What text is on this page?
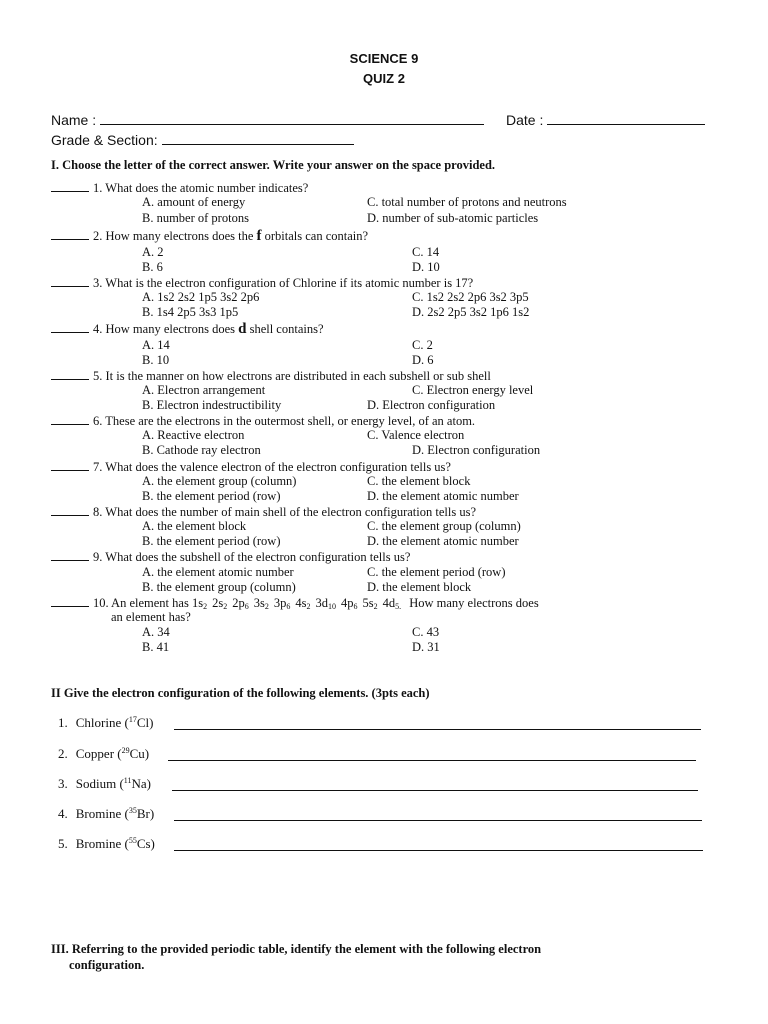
SCIENCE 9
QUIZ 2
Name :	Date :
Grade & Section:
I. Choose the letter of the correct answer. Write your answer on the space provided.
1. What does the atomic number indicates?
A. amount of energy
B. number of protons
C. total number of protons and neutrons
D. number of sub-atomic particles
2. How many electrons does the f orbitals can contain?
A. 2
B. 6
C. 14
D. 10
3. What is the electron configuration of Chlorine if its atomic number is 17?
A. 1s2 2s2 1p5 3s2 2p6
B. 1s4 2p5 3s3 1p5
C. 1s2 2s2 2p6 3s2 3p5
D. 2s2 2p5 3s2 1p6 1s2
4. How many electrons does d shell contains?
A. 14
B. 10
C. 2
D. 6
5. It is the manner on how electrons are distributed in each subshell or sub shell
A. Electron arrangement
B. Electron indestructibility
C. Electron energy level
D. Electron configuration
6. These are the electrons in the outermost shell, or energy level, of an atom.
A. Reactive electron
B. Cathode ray electron
C. Valence electron
D. Electron configuration
7. What does the valence electron of the electron configuration tells us?
A. the element group (column)
B. the element period (row)
C. the element block
D. the element atomic number
8. What does the number of main shell of the electron configuration tells us?
A. the element block
B. the element period (row)
C. the element group (column)
D. the element atomic number
9. What does the subshell of the electron configuration tells us?
A. the element atomic number
B. the element group (column)
C. the element period (row)
D. the element block
10. An element has $1s_2$ $2s_2$ $2p_6$ $3s_2$ $3p_6$ $4s_2$ $3d_{10}$ $4p_6$ $5s_2$ $4d_{5.}$ How many electrons does
an element has?
A. 34
B. 41
C. 43
D. 31
II Give the electron configuration of the following elements. (3pts each)
1. Chlorine ($^{17}$Cl)
2. Copper ($^{29}$Cu)
3. Sodium ($^{11}$Na)
4. Bromine ($^{35}$Br)
5. Bromine ($^{55}$Cs)
III. Referring to the provided periodic table, identify the element with the following electron
configuration.
